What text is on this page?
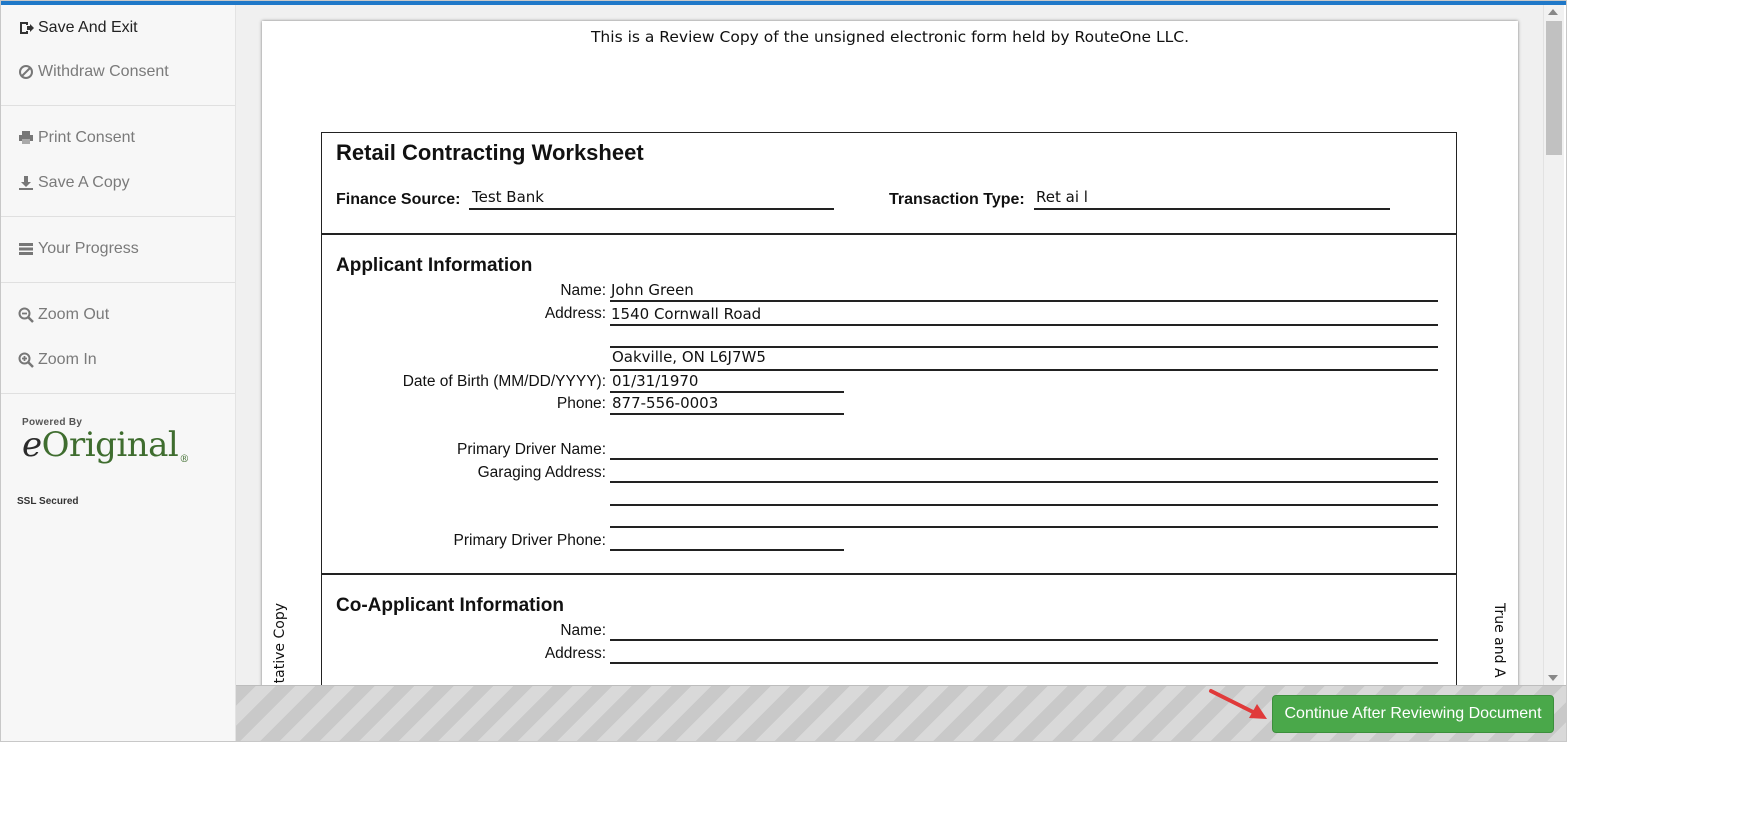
Save And Exit
Withdraw Consent
Print Consent
Save A Copy
Your Progress
Zoom Out
Zoom In
Powered By
eOriginal®
SSL Secured
This is a Review Copy of the unsigned electronic form held by RouteOne LLC.
tative Copy	True and A
Retail Contracting Worksheet
Finance Source: Test Bank	Transaction Type: Ret ai l
Applicant Information
Name: John Green
Address: 1540 Cornwall Road
Oakville, ON L6J7W5
Date of Birth (MM/DD/YYYY): 01/31/1970
Phone: 877-556-0003
Primary Driver Name:
Garaging Address:
Primary Driver Phone:
Co-Applicant Information
Name:
Address:
Continue After Reviewing Document
